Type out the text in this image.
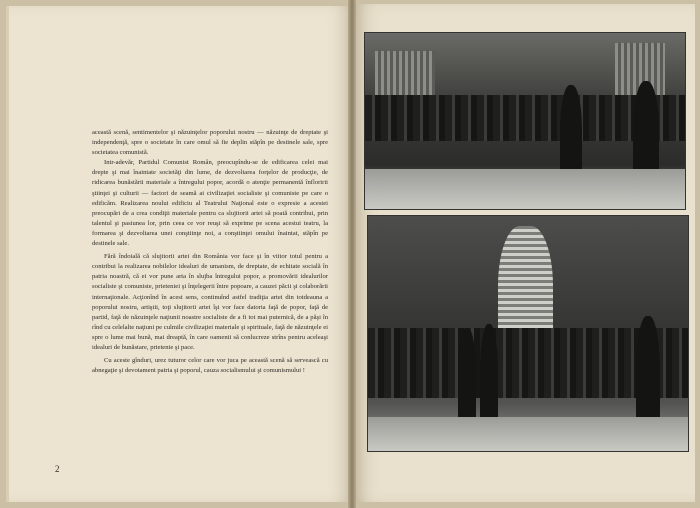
această scenă, sentimentelor şi năzuinţelor poporului nostru — năzuinţe de dreptate şi independenţă, spre o societate în care omul să fie deplin stăpîn pe destinele sale, spre societatea comunistă.

Intr-adevăr, Partidul Comunist Român, preocupîndu-se de edificarea celei mai drepte şi mai înaintate societăţi din lume, de dezvoltarea forţelor de producţie, de ridicarea bunăstării materiale a întregului popor, acordă o atenţie permanentă înfloririi ştiinţei şi culturii — factori de seamă ai civilizaţiei socialiste şi comuniste pe care o edificăm. Realizarea noului edificiu al Teatrului Naţional este o expresie a acestei preocupări de a crea condiţii materiale pentru ca slujitorii artei să poată contribui, prin talentul şi pasiunea lor, prin ceea ce vor reuşi să exprime pe scena acestui teatru, la formarea şi dezvoltarea unei conştiinţe noi, a conştiinţei omului înaintat, stăpîn pe destinele sale.

Fără îndoială că slujitorii artei din România vor face şi în viitor totul pentru a contribui la realizarea nobilelor idealuri de umanism, de dreptate, de echitate socială în patria noastră, că ei vor pune arta în slujba întregului popor, a promovării idealurilor socialiste şi comuniste, prieteniei şi înţelegerii între popoare, a cauzei păcii şi colaborării internaţionale. Acţionînd în acest sens, continuînd astfel tradiţia artei din totdeauna a poporului nostru, artiştii, toţi slujitorii artei îşi vor face datoria faţă de popor, faţă de partid, faţă de năzuinţele naţiunii noastre socialiste de a fi tot mai puternică, de a păşi în rînd cu celelalte naţiuni pe culmile civilizaţiei materiale şi spirituale, faţă de năzuinţele ei spre o lume mai bună, mai dreaptă, în care oamenii să conlucreze strîns pentru aceleaşi idealuri de bunăstare, prietenie şi pace.

Cu aceste gînduri, urez tuturor celor care vor juca pe această scenă să servească cu abnegaţie şi devotament patria şi poporul, cauza socialismului şi comunismului !

2
